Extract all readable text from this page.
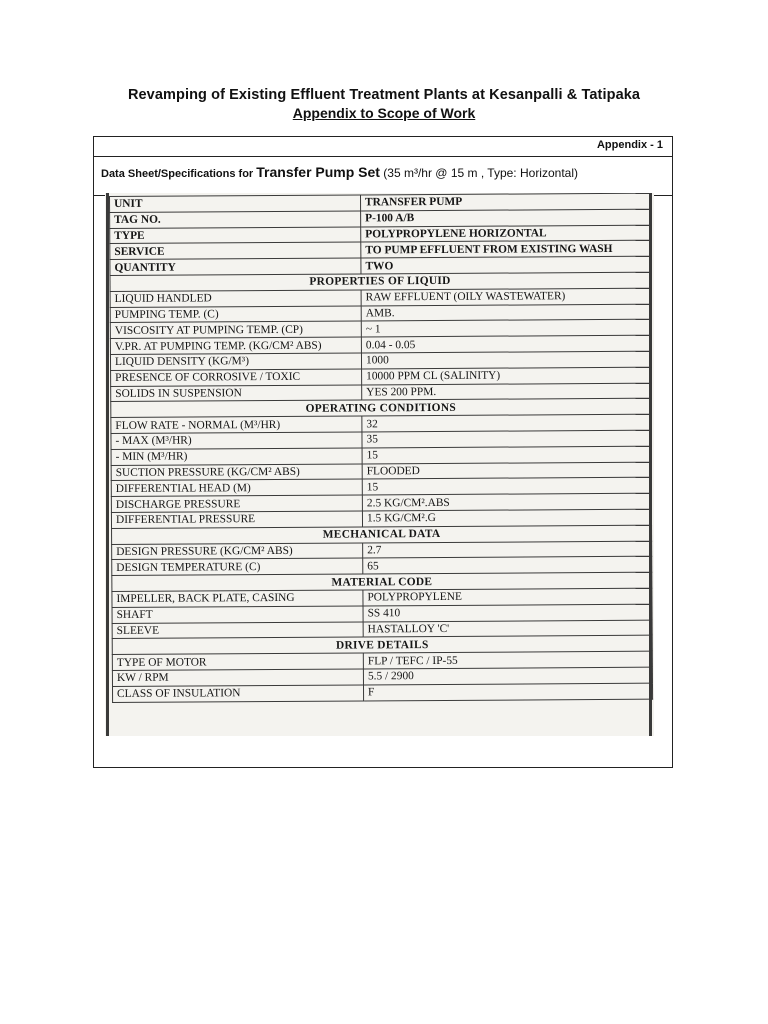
Revamping of Existing Effluent Treatment Plants at Kesanpalli & Tatipaka
Appendix to Scope of Work
Appendix - 1
Data Sheet/Specifications for Transfer Pump Set (35 m³/hr @ 15 m , Type: Horizontal)
UNIT	TRANSFER PUMP
TAG NO.	P-100 A/B
TYPE	POLYPROPYLENE HORIZONTAL
SERVICE	TO PUMP EFFLUENT FROM EXISTING WASH
QUANTITY	TWO
PROPERTIES OF LIQUID	
LIQUID HANDLED	RAW EFFLUENT (OILY WASTEWATER)
PUMPING TEMP. (C)	AMB.
VISCOSITY AT PUMPING TEMP. (CP)	~ 1
V.PR. AT PUMPING TEMP. (KG/CM² ABS)	0.04 - 0.05
LIQUID DENSITY (KG/M³)	1000
PRESENCE OF CORROSIVE / TOXIC	10000 PPM CL (SALINITY)
SOLIDS IN SUSPENSION	YES 200 PPM.
OPERATING CONDITIONS	
FLOW RATE - NORMAL (M³/HR)	32
- MAX (M³/HR)	35
- MIN (M³/HR)	15
SUCTION PRESSURE (KG/CM² ABS)	FLOODED
DIFFERENTIAL HEAD (M)	15
DISCHARGE PRESSURE	2.5 KG/CM².ABS
DIFFERENTIAL PRESSURE	1.5 KG/CM².G
MECHANICAL DATA	
DESIGN PRESSURE (KG/CM² ABS)	2.7
DESIGN TEMPERATURE (C)	65
MATERIAL CODE	
IMPELLER, BACK PLATE, CASING	POLYPROPYLENE
SHAFT	SS 410
SLEEVE	HASTALLOY 'C'
DRIVE DETAILS	
TYPE OF MOTOR	FLP / TEFC / IP-55
KW / RPM	5.5 / 2900
CLASS OF INSULATION	F
